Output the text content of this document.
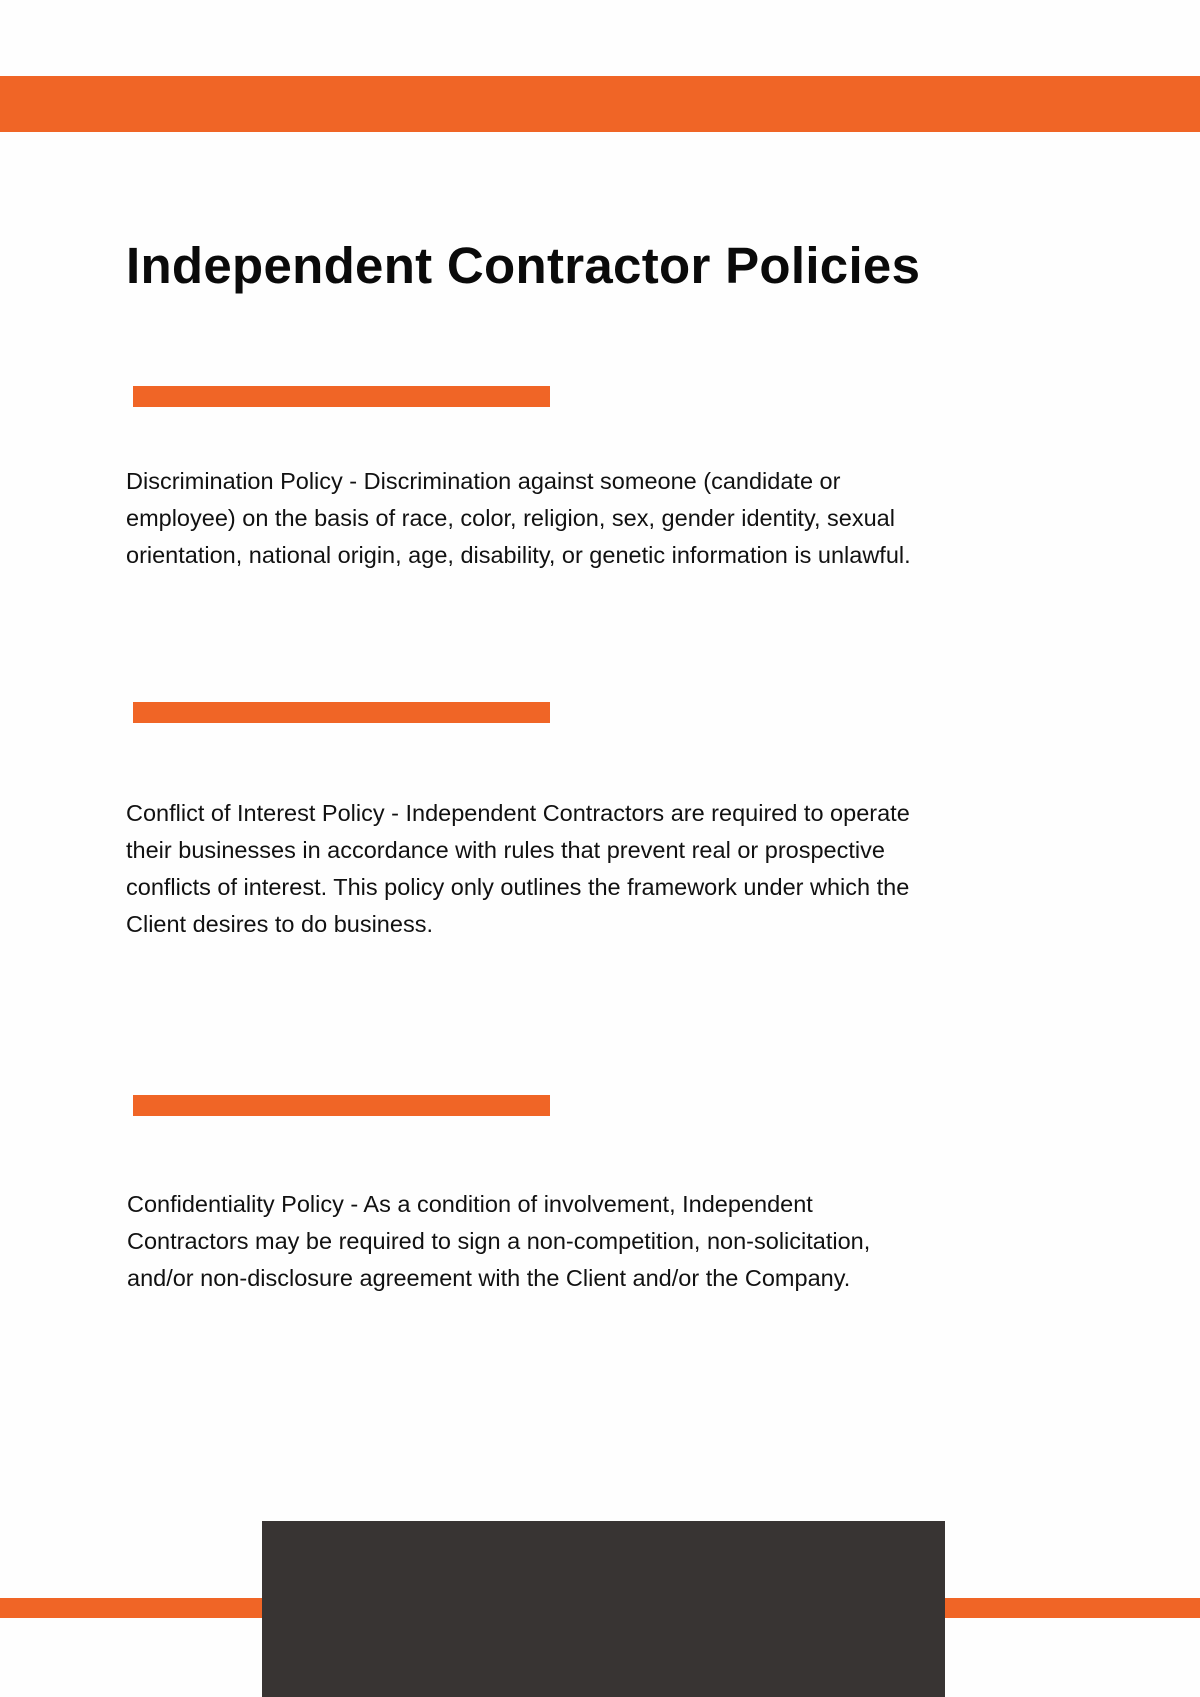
Independent Contractor Policies
Discrimination Policy - Discrimination against someone (candidate or
employee) on the basis of race, color, religion, sex, gender identity, sexual
orientation, national origin, age, disability, or genetic information is unlawful.
Conflict of Interest Policy - Independent Contractors are required to operate
their businesses in accordance with rules that prevent real or prospective
conflicts of interest. This policy only outlines the framework under which the
Client desires to do business.
Confidentiality Policy - As a condition of involvement, Independent
Contractors may be required to sign a non-competition, non-solicitation,
and/or non-disclosure agreement with the Client and/or the Company.
